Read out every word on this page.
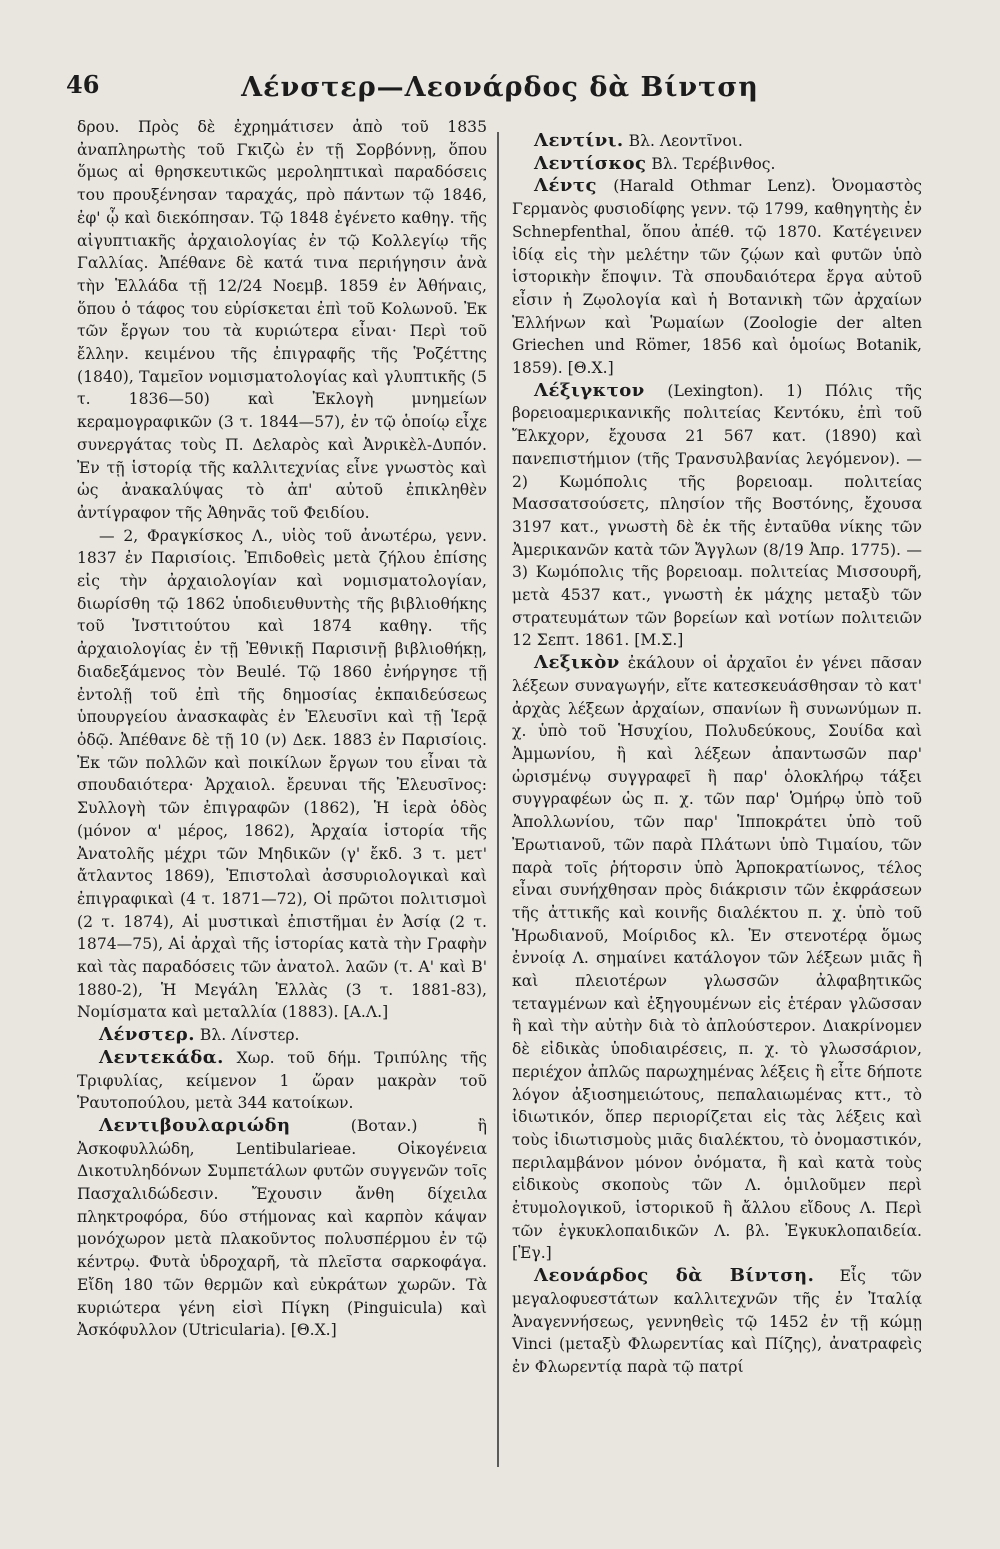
46	Λένστερ—Λεονάρδος δὰ Βίντση

δρου. Πρὸς δὲ ἐχρημάτισεν ἀπὸ τοῦ 1835 ἀναπληρωτὴς τοῦ Γκιζὼ ἐν τῇ Σορβόννῃ, ὅπου ὅμως αἱ θρησκευτικῶς μεροληπτικαὶ παραδόσεις του προυξένησαν ταραχάς, πρὸ πάντων τῷ 1846, ἐφ' ᾧ καὶ διεκόπησαν. Τῷ 1848 ἐγένετο καθηγ. τῆς αἰγυπτιακῆς ἀρχαιολογίας ἐν τῷ Κολλεγίῳ τῆς Γαλλίας. Ἀπέθανε δὲ κατά τινα περιήγησιν ἀνὰ τὴν Ἑλλάδα τῇ 12/24 Νοεμβ. 1859 ἐν Ἀθήναις, ὅπου ὁ τάφος του εὑρίσκεται ἐπὶ τοῦ Κολωνοῦ. Ἐκ τῶν ἔργων του τὰ κυριώτερα εἶναι· Περὶ τοῦ ἔλλην. κειμένου τῆς ἐπιγραφῆς τῆς Ῥοζέττης (1840), Ταμεῖον νομισματολογίας καὶ γλυπτικῆς (5 τ. 1836—50) καὶ Ἐκλογὴ μνημείων κεραμογραφικῶν (3 τ. 1844—57), ἐν τῷ ὁποίῳ εἶχε συνεργάτας τοὺς Π. Δελαρὸς καὶ Ἀνρικὲλ-Δυπόν. Ἐν τῇ ἱστορίᾳ τῆς καλλιτεχνίας εἶνε γνωστὸς καὶ ὡς ἀνακαλύψας τὸ ἀπ' αὐτοῦ ἐπικληθὲν ἀντίγραφον τῆς Ἀθηνᾶς τοῦ Φειδίου.

— 2, Φραγκίσκος Λ., υἱὸς τοῦ ἀνωτέρω, γενν. 1837 ἐν Παρισίοις. Ἐπιδοθεὶς μετὰ ζήλου ἐπίσης εἰς τὴν ἀρχαιολογίαν καὶ νομισματολογίαν, διωρίσθη τῷ 1862 ὑποδιευθυντὴς τῆς βιβλιοθήκης τοῦ Ἰνστιτούτου καὶ 1874 καθηγ. τῆς ἀρχαιολογίας ἐν τῇ Ἐθνικῇ Παρισινῇ βιβλιοθήκῃ, διαδεξάμενος τὸν Beulé. Τῷ 1860 ἐνήργησε τῇ ἐντολῇ τοῦ ἐπὶ τῆς δημοσίας ἐκπαιδεύσεως ὑπουργείου ἀνασκαφὰς ἐν Ἐλευσῖνι καὶ τῇ Ἱερᾷ ὁδῷ. Ἀπέθανε δὲ τῇ 10 (ν) Δεκ. 1883 ἐν Παρισίοις. Ἐκ τῶν πολλῶν καὶ ποικίλων ἔργων του εἶναι τὰ σπουδαιότερα· Ἀρχαιολ. ἔρευναι τῆς Ἐλευσῖνος: Συλλογὴ τῶν ἐπιγραφῶν (1862), Ἡ ἱερὰ ὁδὸς (μόνον α' μέρος, 1862), Ἀρχαία ἱστορία τῆς Ἀνατολῆς μέχρι τῶν Μηδικῶν (γ' ἔκδ. 3 τ. μετ' ἄτλαντος 1869), Ἐπιστολαὶ ἀσσυριολογικαὶ καὶ ἐπιγραφικαὶ (4 τ. 1871—72), Οἱ πρῶτοι πολιτισμοὶ (2 τ. 1874), Αἱ μυστικαὶ ἐπιστῆμαι ἐν Ἀσίᾳ (2 τ. 1874—75), Αἱ ἀρχαὶ τῆς ἱστορίας κατὰ τὴν Γραφὴν καὶ τὰς παραδόσεις τῶν ἀνατολ. λαῶν (τ. Α' καὶ Β' 1880-2), Ἡ Μεγάλη Ἑλλὰς (3 τ. 1881-83), Νομίσματα καὶ μεταλλία (1883). [Α.Λ.]

Λένστερ. Βλ. Λίνστερ.

Λεντεκάδα. Χωρ. τοῦ δήμ. Τριπύλης τῆς Τριφυλίας, κείμενον 1 ὥραν μακρὰν τοῦ Ῥαυτοπούλου, μετὰ 344 κατοίκων.

Λεντιβουλαριώδη (Βοταν.) ἢ Ἀσκοφυλλώδη, Lentibularieae. Οἰκογένεια Δικοτυληδόνων Συμπετάλων φυτῶν συγγενῶν τοῖς Πασχαλιδώδεσιν. Ἔχουσιν ἄνθη δίχειλα πληκτροφόρα, δύο στήμονας καὶ καρπὸν κάψαν μονόχωρον μετὰ πλακοῦντος πολυσπέρμου ἐν τῷ κέντρῳ. Φυτὰ ὑδροχαρῆ, τὰ πλεῖστα σαρκοφάγα. Εἴδη 180 τῶν θερμῶν καὶ εὐκράτων χωρῶν. Τὰ κυριώτερα γένη εἰσὶ Πίγκη (Pinguicula) καὶ Ἀσκόφυλλον (Utricularia). [Θ.Χ.]

Λεντίνι. Βλ. Λεοντῖνοι.

Λεντίσκος Βλ. Τερέβινθος.

Λέντς (Harald Othmar Lenz). Ὀνομαστὸς Γερμανὸς φυσιοδίφης γενν. τῷ 1799, καθηγητὴς ἐν Schnepfenthal, ὅπου ἀπέθ. τῷ 1870. Κατέγεινεν ἰδίᾳ εἰς τὴν μελέτην τῶν ζῴων καὶ φυτῶν ὑπὸ ἱστορικὴν ἔποψιν. Τὰ σπουδαιότερα ἔργα αὐτοῦ εἶσιν ἡ Ζῳολογία καὶ ἡ Βοτανικὴ τῶν ἀρχαίων Ἑλλήνων καὶ Ῥωμαίων (Zoologie der alten Griechen und Römer, 1856 καὶ ὁμοίως Botanik, 1859). [Θ.Χ.]

Λέξιγκτον (Lexington). 1) Πόλις τῆς βορειοαμερικανικῆς πολιτείας Κεντόκυ, ἐπὶ τοῦ Ἔλκχορν, ἔχουσα 21 567 κατ. (1890) καὶ πανεπιστήμιον (τῆς Τρανσυλβανίας λεγόμενον). —2) Κωμόπολις τῆς βορειοαμ. πολιτείας Μασσατσούσετς, πλησίον τῆς Βοστόνης, ἔχουσα 3197 κατ., γνωστὴ δὲ ἐκ τῆς ἐνταῦθα νίκης τῶν Ἀμερικανῶν κατὰ τῶν Ἄγγλων (8/19 Ἀπρ. 1775). —3) Κωμόπολις τῆς βορειοαμ. πολιτείας Μισσουρῆ, μετὰ 4537 κατ., γνωστὴ ἐκ μάχης μεταξὺ τῶν στρατευμάτων τῶν βορείων καὶ νοτίων πολιτειῶν 12 Σεπτ. 1861. [Μ.Σ.]

Λεξικὸν ἐκάλουν οἱ ἀρχαῖοι ἐν γένει πᾶσαν λέξεων συναγωγήν, εἴτε κατεσκευάσθησαν τὸ κατ' ἀρχὰς λέξεων ἀρχαίων, σπανίων ἢ συνωνύμων π. χ. ὑπὸ τοῦ Ἡσυχίου, Πολυδεύκους, Σουίδα καὶ Ἀμμωνίου, ἢ καὶ λέξεων ἀπαντωσῶν παρ' ὡρισμένῳ συγγραφεῖ ἢ παρ' ὁλοκλήρῳ τάξει συγγραφέων ὡς π. χ. τῶν παρ' Ὁμήρῳ ὑπὸ τοῦ Ἀπολλωνίου, τῶν παρ' Ἱπποκράτει ὑπὸ τοῦ Ἐρωτιανοῦ, τῶν παρὰ Πλάτωνι ὑπὸ Τιμαίου, τῶν παρὰ τοῖς ῥήτορσιν ὑπὸ Ἁρποκρατίωνος, τέλος εἶναι συνήχθησαν πρὸς διάκρισιν τῶν ἐκφράσεων τῆς ἀττικῆς καὶ κοινῆς διαλέκτου π. χ. ὑπὸ τοῦ Ἡρωδιανοῦ, Μοίριδος κλ. Ἐν στενοτέρᾳ ὅμως ἐννοίᾳ Λ. σημαίνει κατάλογον τῶν λέξεων μιᾶς ἢ καὶ πλειοτέρων γλωσσῶν ἀλφαβητικῶς τεταγμένων καὶ ἐξηγουμένων εἰς ἑτέραν γλῶσσαν ἢ καὶ τὴν αὐτὴν διὰ τὸ ἀπλούστερον. Διακρίνομεν δὲ εἰδικὰς ὑποδιαιρέσεις, π. χ. τὸ γλωσσάριον, περιέχον ἀπλῶς παρωχημένας λέξεις ἢ εἶτε δήποτε λόγον ἀξιοσημειώτους, πεπαλαιωμένας κττ., τὸ ἰδιωτικόν, ὅπερ περιορίζεται εἰς τὰς λέξεις καὶ τοὺς ἰδιωτισμοὺς μιᾶς διαλέκτου, τὸ ὀνομαστικόν, περιλαμβάνον μόνον ὀνόματα, ἢ καὶ κατὰ τοὺς εἰδικοὺς σκοποὺς τῶν Λ. ὁμιλοῦμεν περὶ ἐτυμολογικοῦ, ἱστορικοῦ ἢ ἄλλου εἴδους Λ. Περὶ τῶν ἐγκυκλοπαιδικῶν Λ. βλ. Ἐγκυκλοπαιδεία. [Ἐγ.]

Λεονάρδος δὰ Βίντση. Εἷς τῶν μεγαλοφυεστάτων καλλιτεχνῶν τῆς ἐν Ἰταλίᾳ Ἀναγεννήσεως, γεννηθεὶς τῷ 1452 ἐν τῇ κώμῃ Vinci (μεταξὺ Φλωρεντίας καὶ Πίζης), ἀνατραφεὶς ἐν Φλωρεντίᾳ παρὰ τῷ πατρί
